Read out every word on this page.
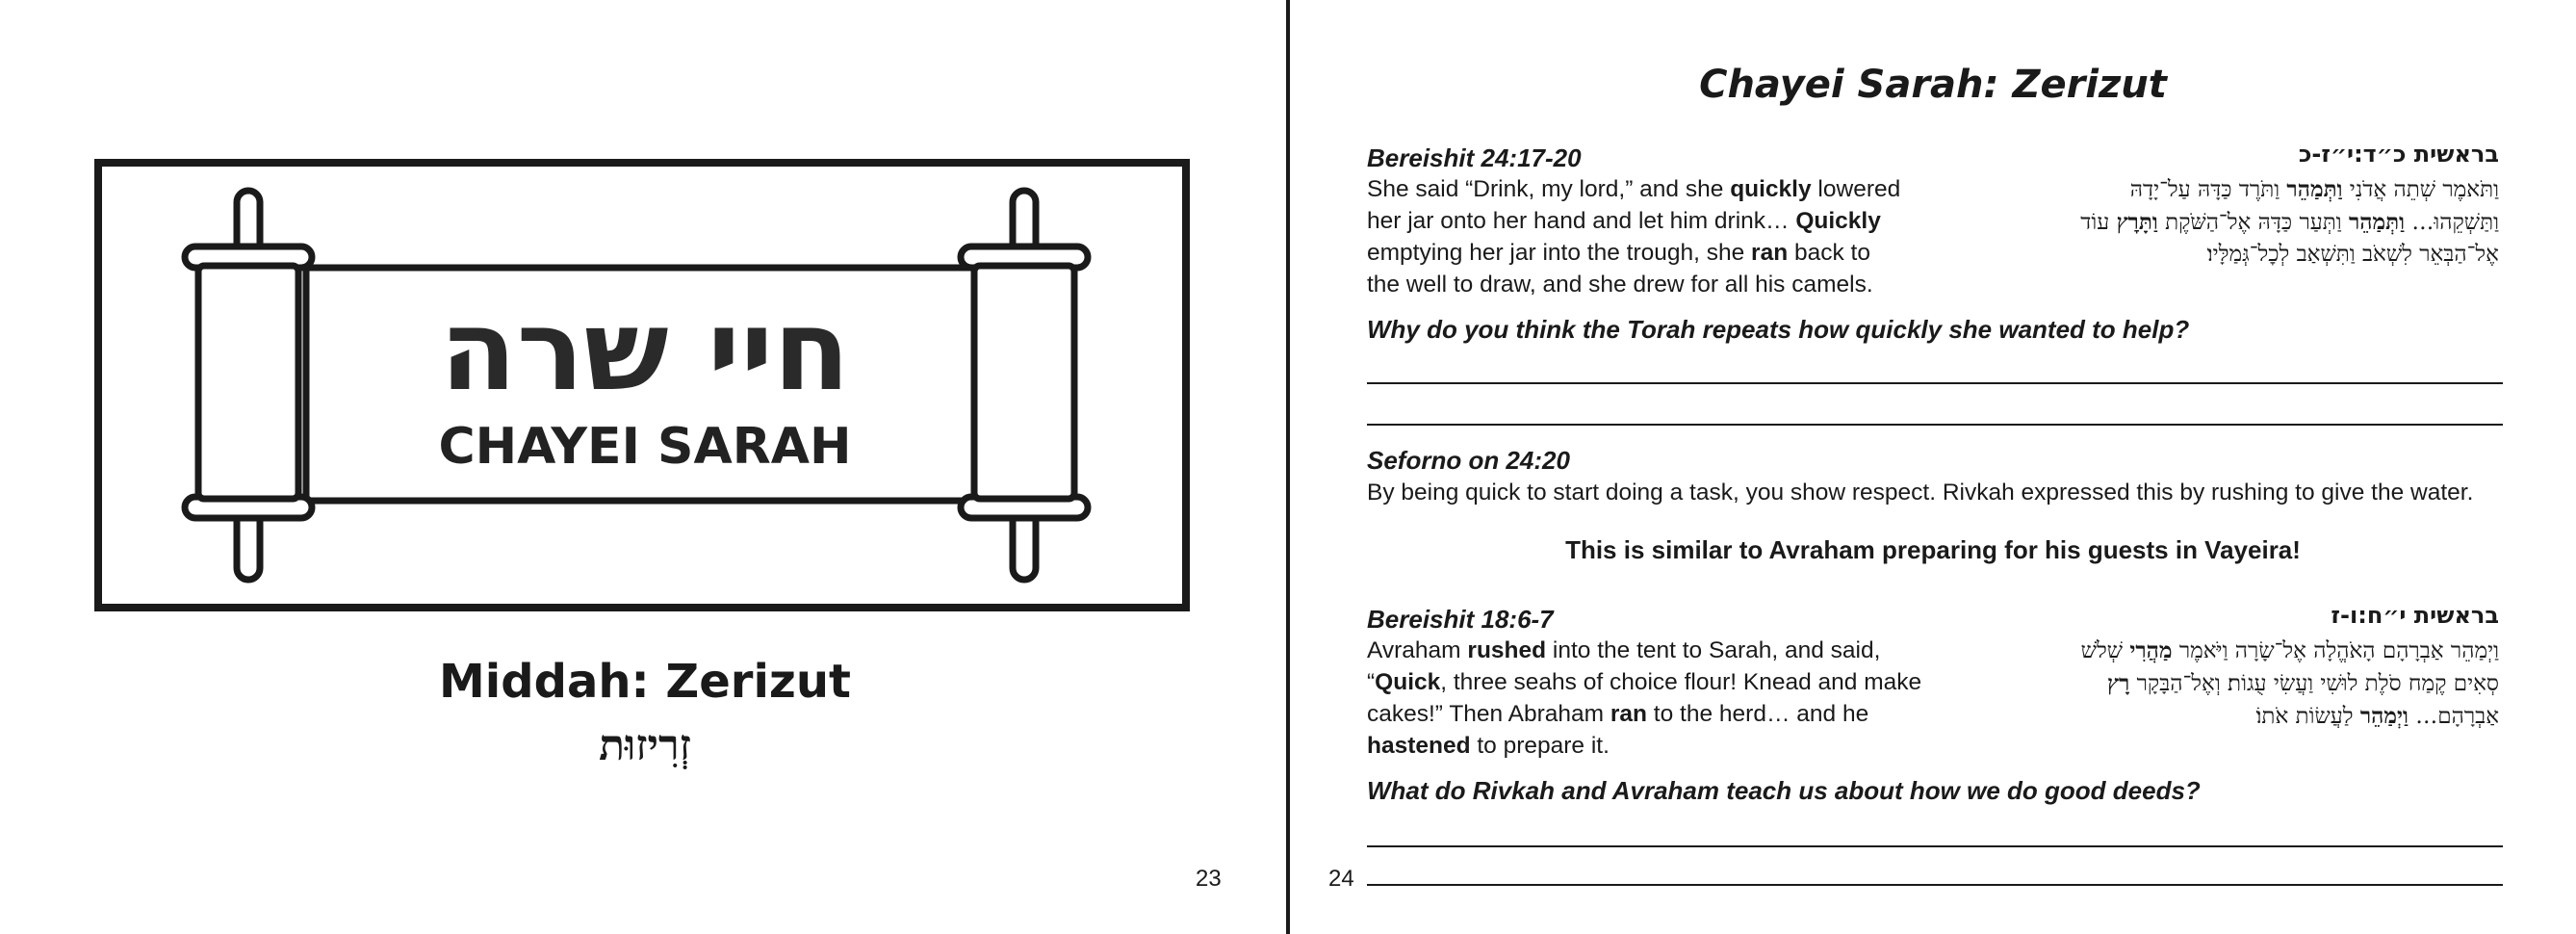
חיי שרה
CHAYEI SARAH
Middah: Zerizut
זְרִיזוּת
23
Chayei Sarah: Zerizut
Bereishit 24:17-20	בראשית כ״ד:י״ז-כ
She said “Drink, my lord,” and she quickly lowered
her jar onto her hand and let him drink… Quickly
emptying her jar into the trough, she ran back to
the well to draw, and she drew for all his camels.
וַתֹּאמֶר שְׁתֵה אֲדֹנִי וַתְּמַהֵר וַתֹּרֶד כַּדָּהּ עַל־יָדָהּ
וַתַּשְׁקֵהוּ… וַתְּמַהֵר וַתְּעַר כַּדָּהּ אֶל־הַשֹּׁקֶת וַתָּרׇץ עוֹד
אֶל־הַבְּאֵר לִשְׁאֹב וַתִּשְׁאַב לְכׇל־גְּמַלָּיו׃
Why do you think the Torah repeats how quickly she wanted to help?
Seforno on 24:20
By being quick to start doing a task, you show respect. Rivkah expressed this by rushing to give the water.
This is similar to Avraham preparing for his guests in Vayeira!
Bereishit 18:6-7	בראשית י״ח:ו-ז
Avraham rushed into the tent to Sarah, and said,
“Quick, three seahs of choice flour! Knead and make
cakes!” Then Abraham ran to the herd… and he
hastened to prepare it.
וַיְמַהֵר אַבְרָהָם הָאֹהֱלָה אֶל־שָׂרָה וַיֹּאמֶר מַהֲרִי שְׁלֹשׁ
סְאִים קֶמַח סֹלֶת לוּשִׁי וַעֲשִׂי עֻגוֹת׃ וְאֶל־הַבָּקָר רָץ
אַבְרָהָם… וַיְמַהֵר לַעֲשׂוֹת אֹתוֹ׃
What do Rivkah and Avraham teach us about how we do good deeds?
24
